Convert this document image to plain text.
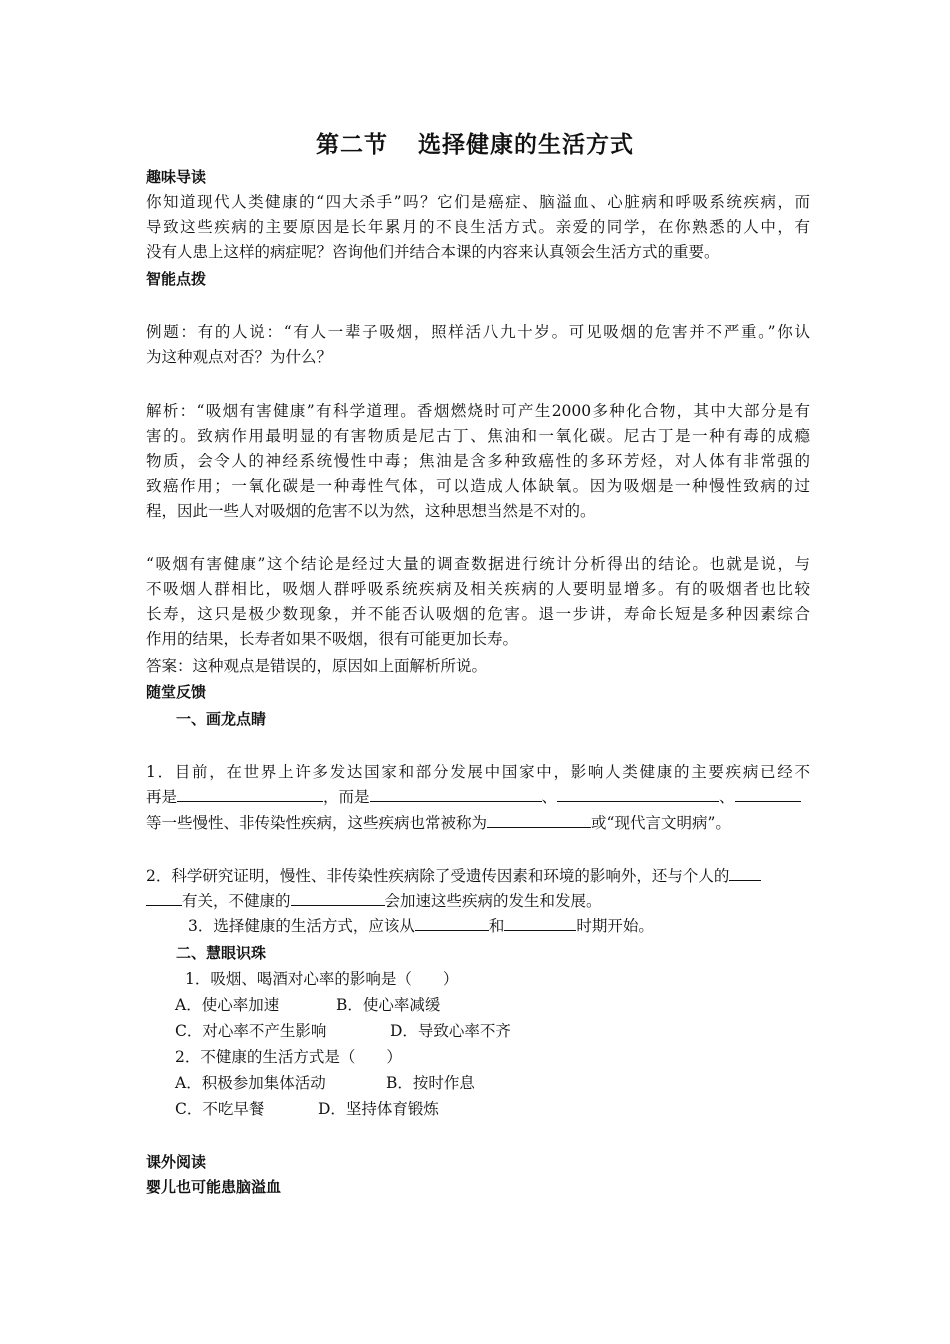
第二节 选择健康的生活方式

趣味导读

你知道现代人类健康的“四大杀手”吗？它们是癌症、脑溢血、心脏病和呼吸系统疾病，而

导致这些疾病的主要原因是长年累月的不良生活方式。亲爱的同学，在你熟悉的人中，有

没有人患上这样的病症呢？咨询他们并结合本课的内容来认真领会生活方式的重要。

智能点拨

例题：有的人说：“有人一辈子吸烟，照样活八九十岁。可见吸烟的危害并不严重。”你认

为这种观点对否？为什么？

解析：“吸烟有害健康”有科学道理。香烟燃烧时可产生2000多种化合物，其中大部分是有

害的。致病作用最明显的有害物质是尼古丁、焦油和一氧化碳。尼古丁是一种有毒的成瘾

物质，会令人的神经系统慢性中毒；焦油是含多种致癌性的多环芳烃，对人体有非常强的

致癌作用；一氧化碳是一种毒性气体，可以造成人体缺氧。因为吸烟是一种慢性致病的过

程，因此一些人对吸烟的危害不以为然，这种思想当然是不对的。

“吸烟有害健康”这个结论是经过大量的调查数据进行统计分析得出的结论。也就是说，与

不吸烟人群相比，吸烟人群呼吸系统疾病及相关疾病的人要明显增多。有的吸烟者也比较

长寿，这只是极少数现象，并不能否认吸烟的危害。退一步讲，寿命长短是多种因素综合

作用的结果，长寿者如果不吸烟，很有可能更加长寿。

答案：这种观点是错误的，原因如上面解析所说。

随堂反馈

一、画龙点睛

1．目前，在世界上许多发达国家和部分发展中国家中，影响人类健康的主要疾病已经不

再是	，而是	、	、

等一些慢性、非传染性疾病，这些疾病也常被称为	或“现代言文明病”。

2．科学研究证明，慢性、非传染性疾病除了受遗传因素和环境的影响外，还与个人的

有关，不健康的	会加速这些疾病的发生和发展。

3．选择健康的生活方式，应该从	和	时期开始。

二、慧眼识珠

1．吸烟、喝酒对心率的影响是（　　）

A．使心率加速	B．使心率减缓

C．对心率不产生影响	D．导致心率不齐

2．不健康的生活方式是（　　）

A．积极参加集体活动	B．按时作息

C．不吃早餐	D．坚持体育锻炼

课外阅读

婴儿也可能患脑溢血
